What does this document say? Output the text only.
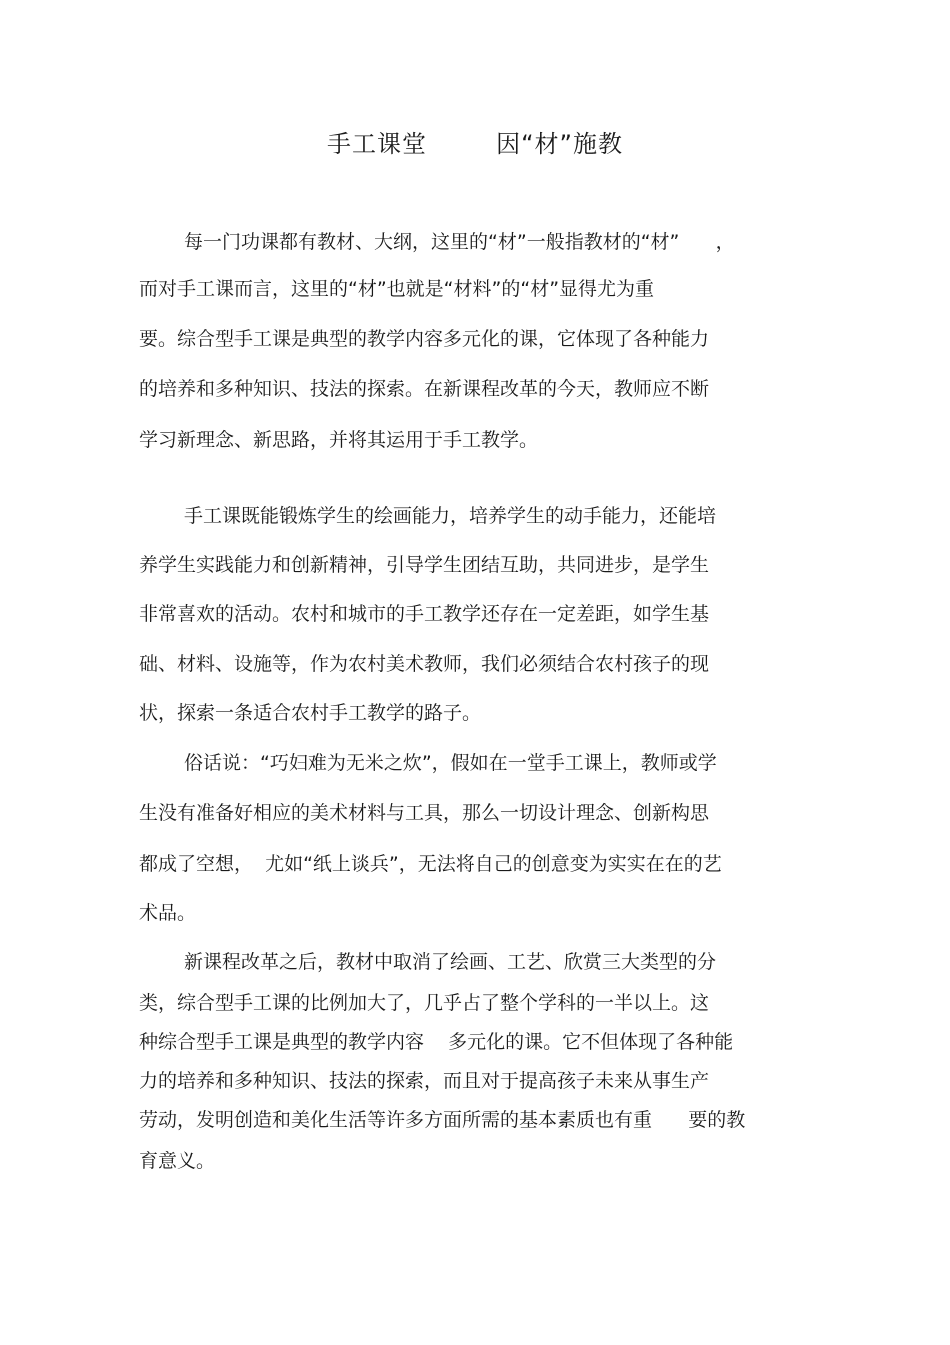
手工课堂        因“材”施教
每一门功课都有教材、大纲，这里的“材”一般指教材的“材”      ，
而对手工课而言，这里的“材”也就是“材料”的“材”显得尤为重
要。综合型手工课是典型的教学内容多元化的课，它体现了各种能力
的培养和多种知识、技法的探索。在新课程改革的今天，教师应不断
学习新理念、新思路，并将其运用于手工教学。
手工课既能锻炼学生的绘画能力，培养学生的动手能力，还能培
养学生实践能力和创新精神，引导学生团结互助，共同进步，是学生
非常喜欢的活动。农村和城市的手工教学还存在一定差距，如学生基
础、材料、设施等，作为农村美术教师，我们必须结合农村孩子的现
状，探索一条适合农村手工教学的路子。
俗话说：“巧妇难为无米之炊”，假如在一堂手工课上，教师或学
生没有准备好相应的美术材料与工具，那么一切设计理念、创新构思
都成了空想，  尤如“纸上谈兵”，无法将自己的创意变为实实在在的艺
术品。
新课程改革之后，教材中取消了绘画、工艺、欣赏三大类型的分
类，综合型手工课的比例加大了，几乎占了整个学科的一半以上。这
种综合型手工课是典型的教学内容    多元化的课。它不但体现了各种能
力的培养和多种知识、技法的探索，而且对于提高孩子未来从事生产
劳动，发明创造和美化生活等许多方面所需的基本素质也有重      要的教
育意义。
